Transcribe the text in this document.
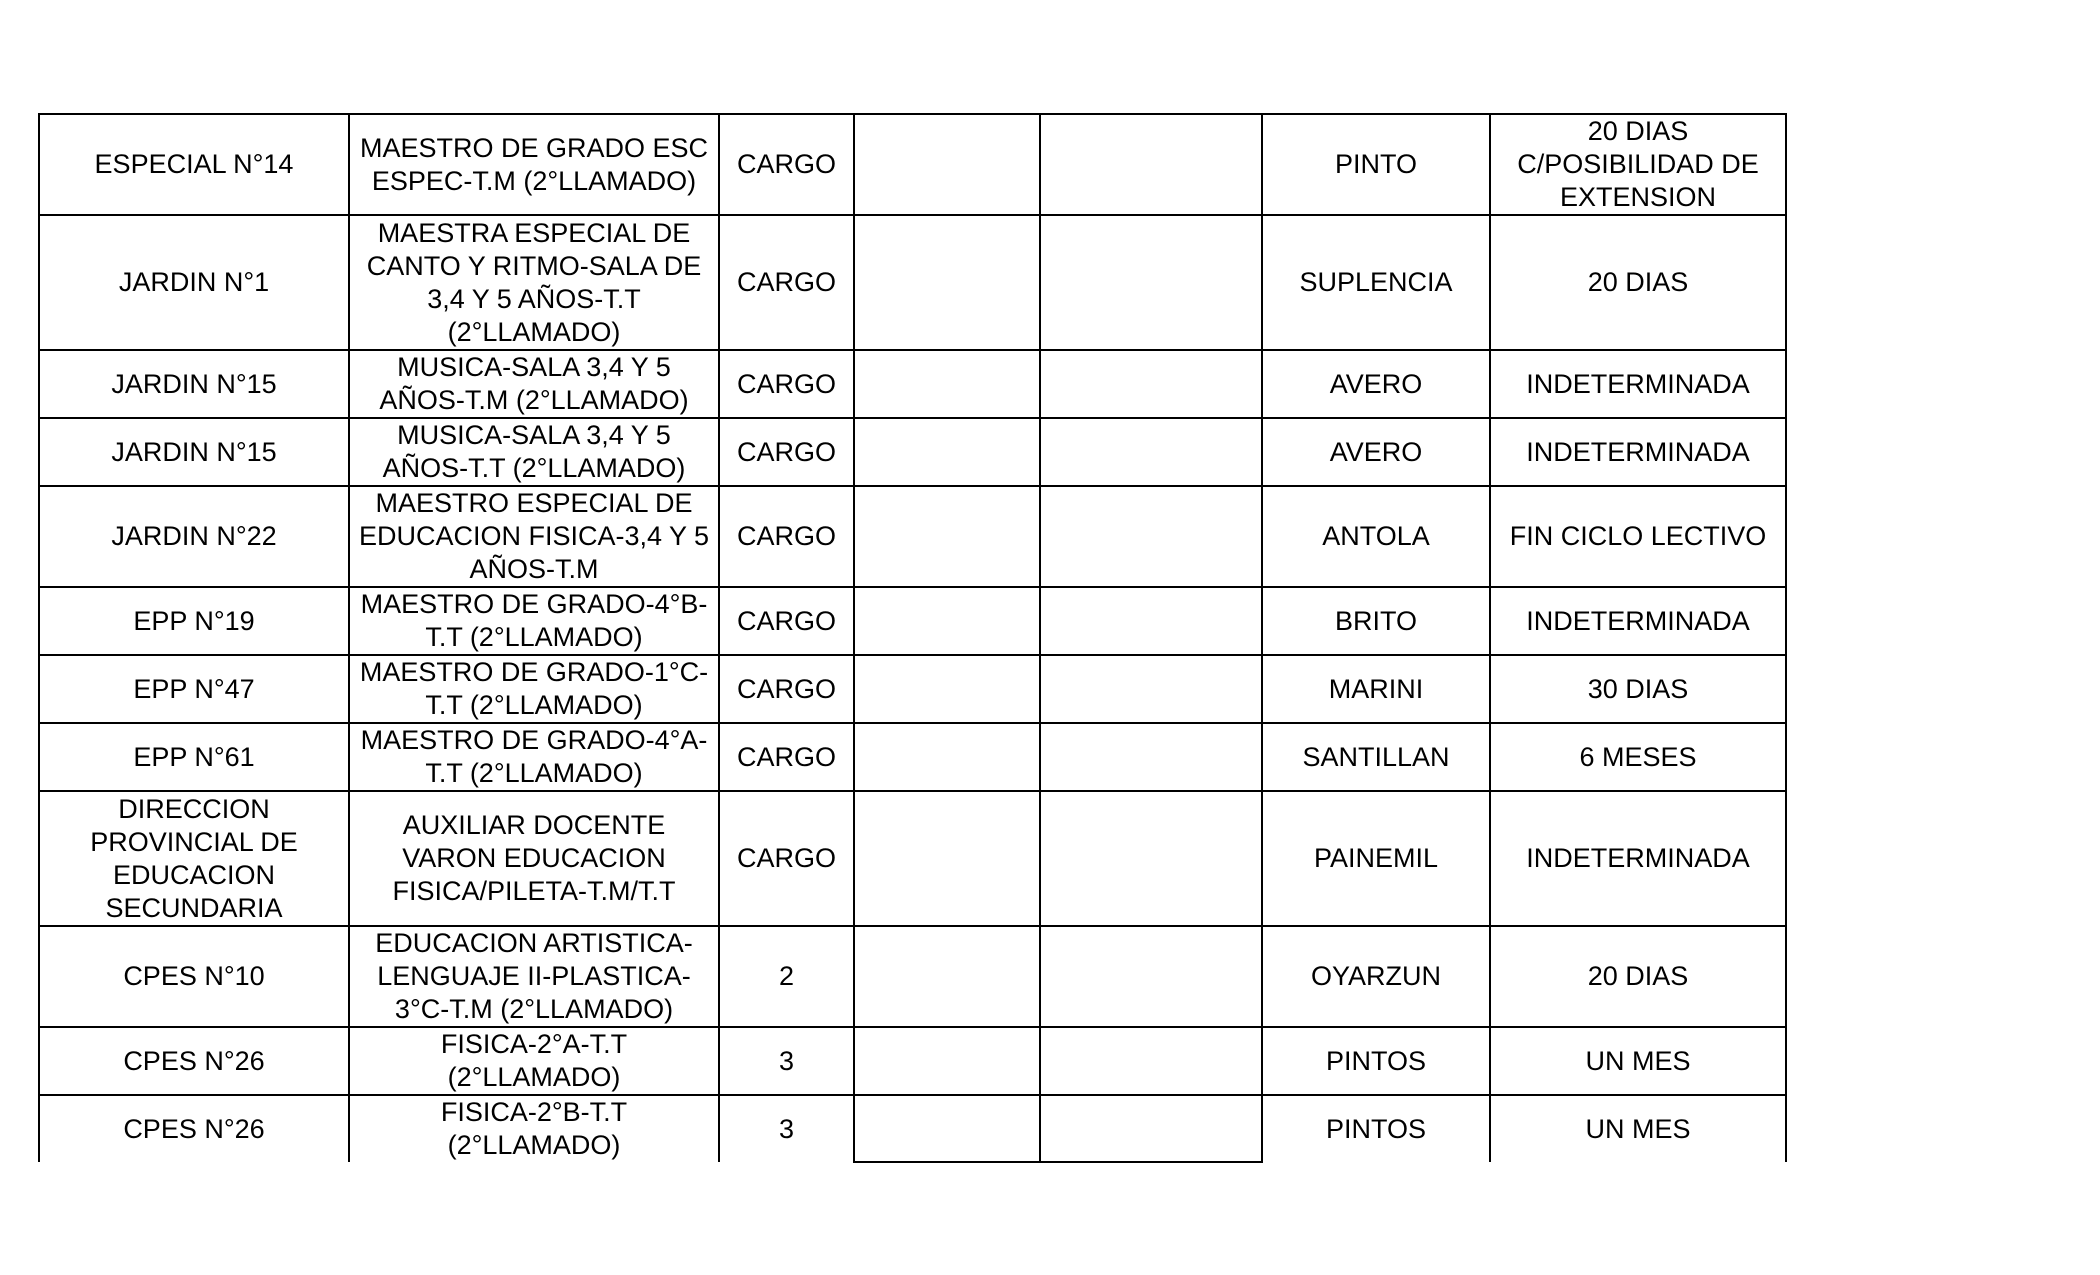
ESPECIAL N°14	MAESTRO DE GRADO ESC ESPEC-T.M (2°LLAMADO)	CARGO			PINTO	20 DIAS C/POSIBILIDAD DE EXTENSION

JARDIN N°1	MAESTRA ESPECIAL DE CANTO Y RITMO-SALA DE 3,4 Y 5 AÑOS-T.T (2°LLAMADO)	CARGO			SUPLENCIA	20 DIAS

JARDIN N°15	MUSICA-SALA 3,4 Y 5 AÑOS-T.M (2°LLAMADO)	CARGO			AVERO	INDETERMINADA

JARDIN N°15	MUSICA-SALA 3,4 Y 5 AÑOS-T.T (2°LLAMADO)	CARGO			AVERO	INDETERMINADA

JARDIN N°22	MAESTRO ESPECIAL DE EDUCACION FISICA-3,4 Y 5 AÑOS-T.M	CARGO			ANTOLA	FIN CICLO LECTIVO

EPP N°19	MAESTRO DE GRADO-4°B-T.T (2°LLAMADO)	CARGO			BRITO	INDETERMINADA

EPP N°47	MAESTRO DE GRADO-1°C-T.T (2°LLAMADO)	CARGO			MARINI	30 DIAS

EPP N°61	MAESTRO DE GRADO-4°A-T.T (2°LLAMADO)	CARGO			SANTILLAN	6 MESES

DIRECCION PROVINCIAL DE EDUCACION SECUNDARIA	AUXILIAR DOCENTE VARON EDUCACION FISICA/PILETA-T.M/T.T	CARGO			PAINEMIL	INDETERMINADA

CPES N°10	EDUCACION ARTISTICA-LENGUAJE II-PLASTICA-3°C-T.M (2°LLAMADO)	2			OYARZUN	20 DIAS

CPES N°26	FISICA-2°A-T.T (2°LLAMADO)	3			PINTOS	UN MES

CPES N°26	FISICA-2°B-T.T (2°LLAMADO)	3			PINTOS	UN MES
